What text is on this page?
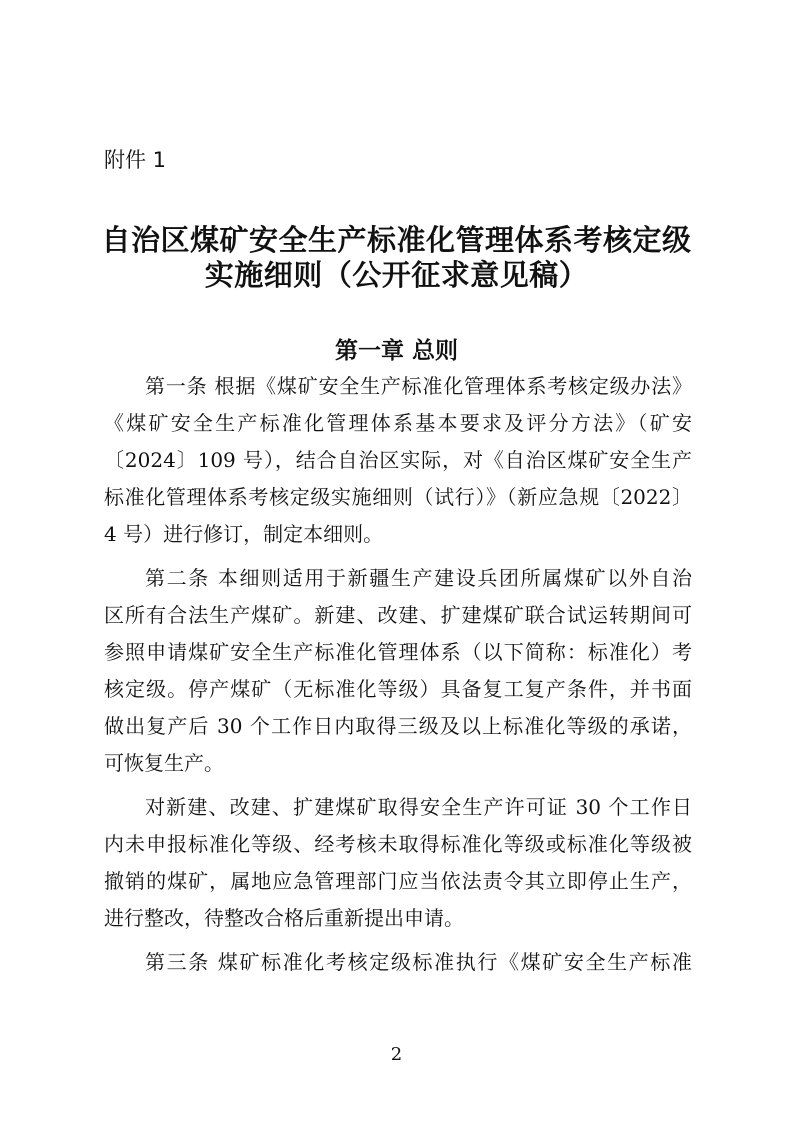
附件 1
自治区煤矿安全生产标准化管理体系考核定级
实施细则（公开征求意见稿）
第一章 总则
第一条 根据《煤矿安全生产标准化管理体系考核定级办法》
《煤矿安全生产标准化管理体系基本要求及评分方法》（矿安
〔2024〕109 号），结合自治区实际，对《自治区煤矿安全生产
标准化管理体系考核定级实施细则（试行）》（新应急规〔2022〕
4 号）进行修订，制定本细则。
第二条 本细则适用于新疆生产建设兵团所属煤矿以外自治
区所有合法生产煤矿。新建、改建、扩建煤矿联合试运转期间可
参照申请煤矿安全生产标准化管理体系（以下简称：标准化）考
核定级。停产煤矿（无标准化等级）具备复工复产条件，并书面
做出复产后 30 个工作日内取得三级及以上标准化等级的承诺，
可恢复生产。
对新建、改建、扩建煤矿取得安全生产许可证 30 个工作日
内未申报标准化等级、经考核未取得标准化等级或标准化等级被
撤销的煤矿，属地应急管理部门应当依法责令其立即停止生产，
进行整改，待整改合格后重新提出申请。
第三条 煤矿标准化考核定级标准执行《煤矿安全生产标准
2
